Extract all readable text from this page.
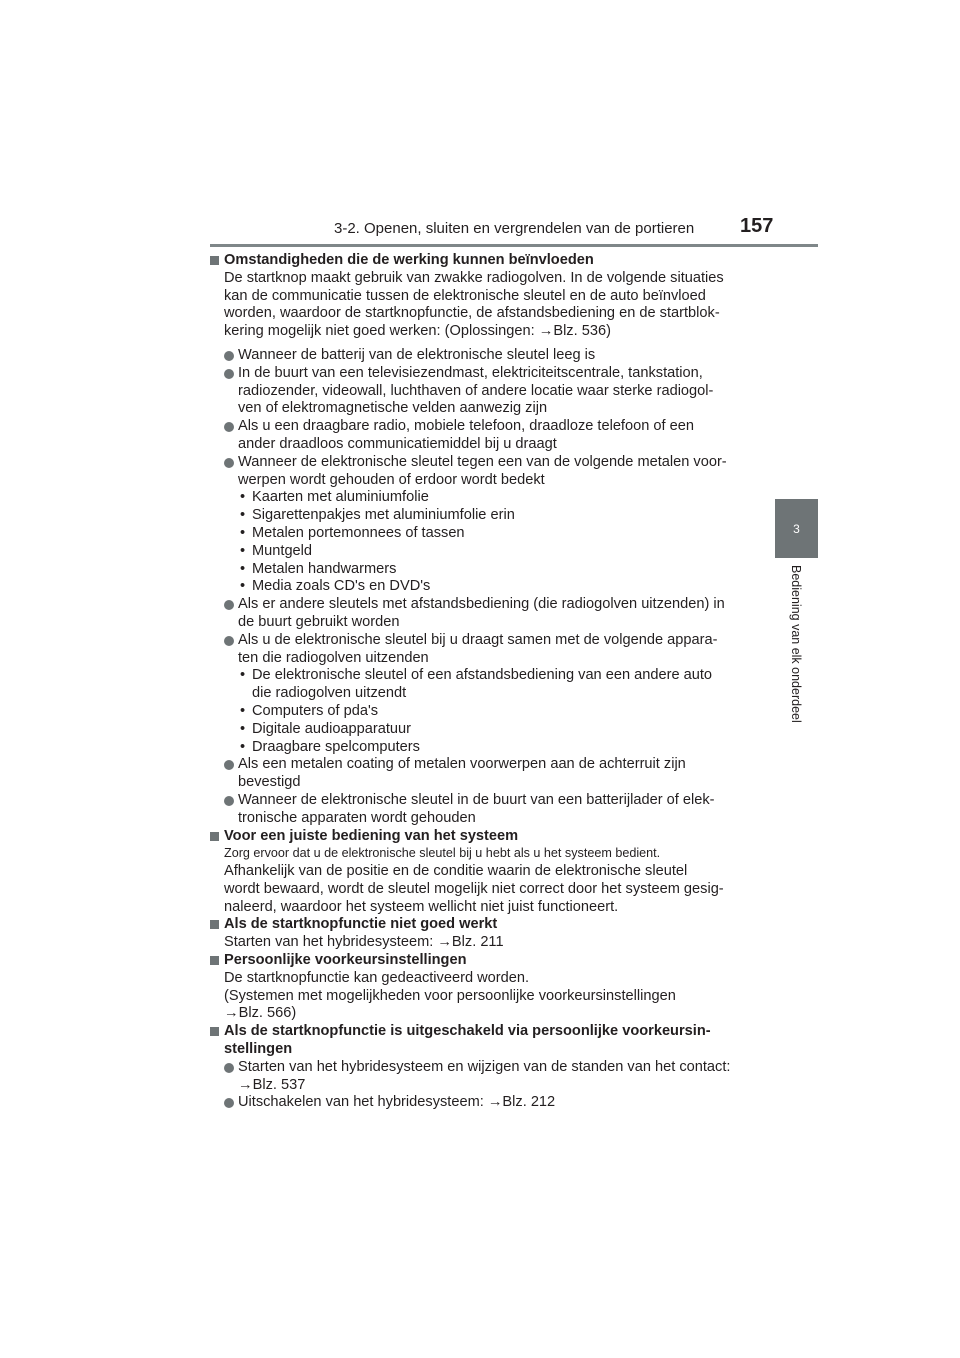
3-2. Openen, sluiten en vergrendelen van de portieren 157
3
Bediening van elk onderdeel
Omstandigheden die de werking kunnen beïnvloeden
De startknop maakt gebruik van zwakke radiogolven. In de volgende situaties
kan de communicatie tussen de elektronische sleutel en de auto beïnvloed
worden, waardoor de startknopfunctie, de afstandsbediening en de startblok-
kering mogelijk niet goed werken: (Oplossingen: →Blz. 536)
Wanneer de batterij van de elektronische sleutel leeg is
In de buurt van een televisiezendmast, elektriciteitscentrale, tankstation,
radiozender, videowall, luchthaven of andere locatie waar sterke radiogol-
ven of elektromagnetische velden aanwezig zijn
Als u een draagbare radio, mobiele telefoon, draadloze telefoon of een
ander draadloos communicatiemiddel bij u draagt
Wanneer de elektronische sleutel tegen een van de volgende metalen voor-
werpen wordt gehouden of erdoor wordt bedekt
• Kaarten met aluminiumfolie
• Sigarettenpakjes met aluminiumfolie erin
• Metalen portemonnees of tassen
• Muntgeld
• Metalen handwarmers
• Media zoals CD's en DVD's
Als er andere sleutels met afstandsbediening (die radiogolven uitzenden) in
de buurt gebruikt worden
Als u de elektronische sleutel bij u draagt samen met de volgende appara-
ten die radiogolven uitzenden
• De elektronische sleutel of een afstandsbediening van een andere auto
die radiogolven uitzendt
• Computers of pda's
• Digitale audioapparatuur
• Draagbare spelcomputers
Als een metalen coating of metalen voorwerpen aan de achterruit zijn
bevestigd
Wanneer de elektronische sleutel in de buurt van een batterijlader of elek-
tronische apparaten wordt gehouden
Voor een juiste bediening van het systeem
Zorg ervoor dat u de elektronische sleutel bij u hebt als u het systeem bedient.
Afhankelijk van de positie en de conditie waarin de elektronische sleutel
wordt bewaard, wordt de sleutel mogelijk niet correct door het systeem gesig-
naleerd, waardoor het systeem wellicht niet juist functioneert.
Als de startknopfunctie niet goed werkt
Starten van het hybridesysteem: →Blz. 211
Persoonlijke voorkeursinstellingen
De startknopfunctie kan gedeactiveerd worden.
(Systemen met mogelijkheden voor persoonlijke voorkeursinstellingen
→Blz. 566)
Als de startknopfunctie is uitgeschakeld via persoonlijke voorkeursin-
stellingen
Starten van het hybridesysteem en wijzigen van de standen van het contact:
→Blz. 537
Uitschakelen van het hybridesysteem: →Blz. 212
